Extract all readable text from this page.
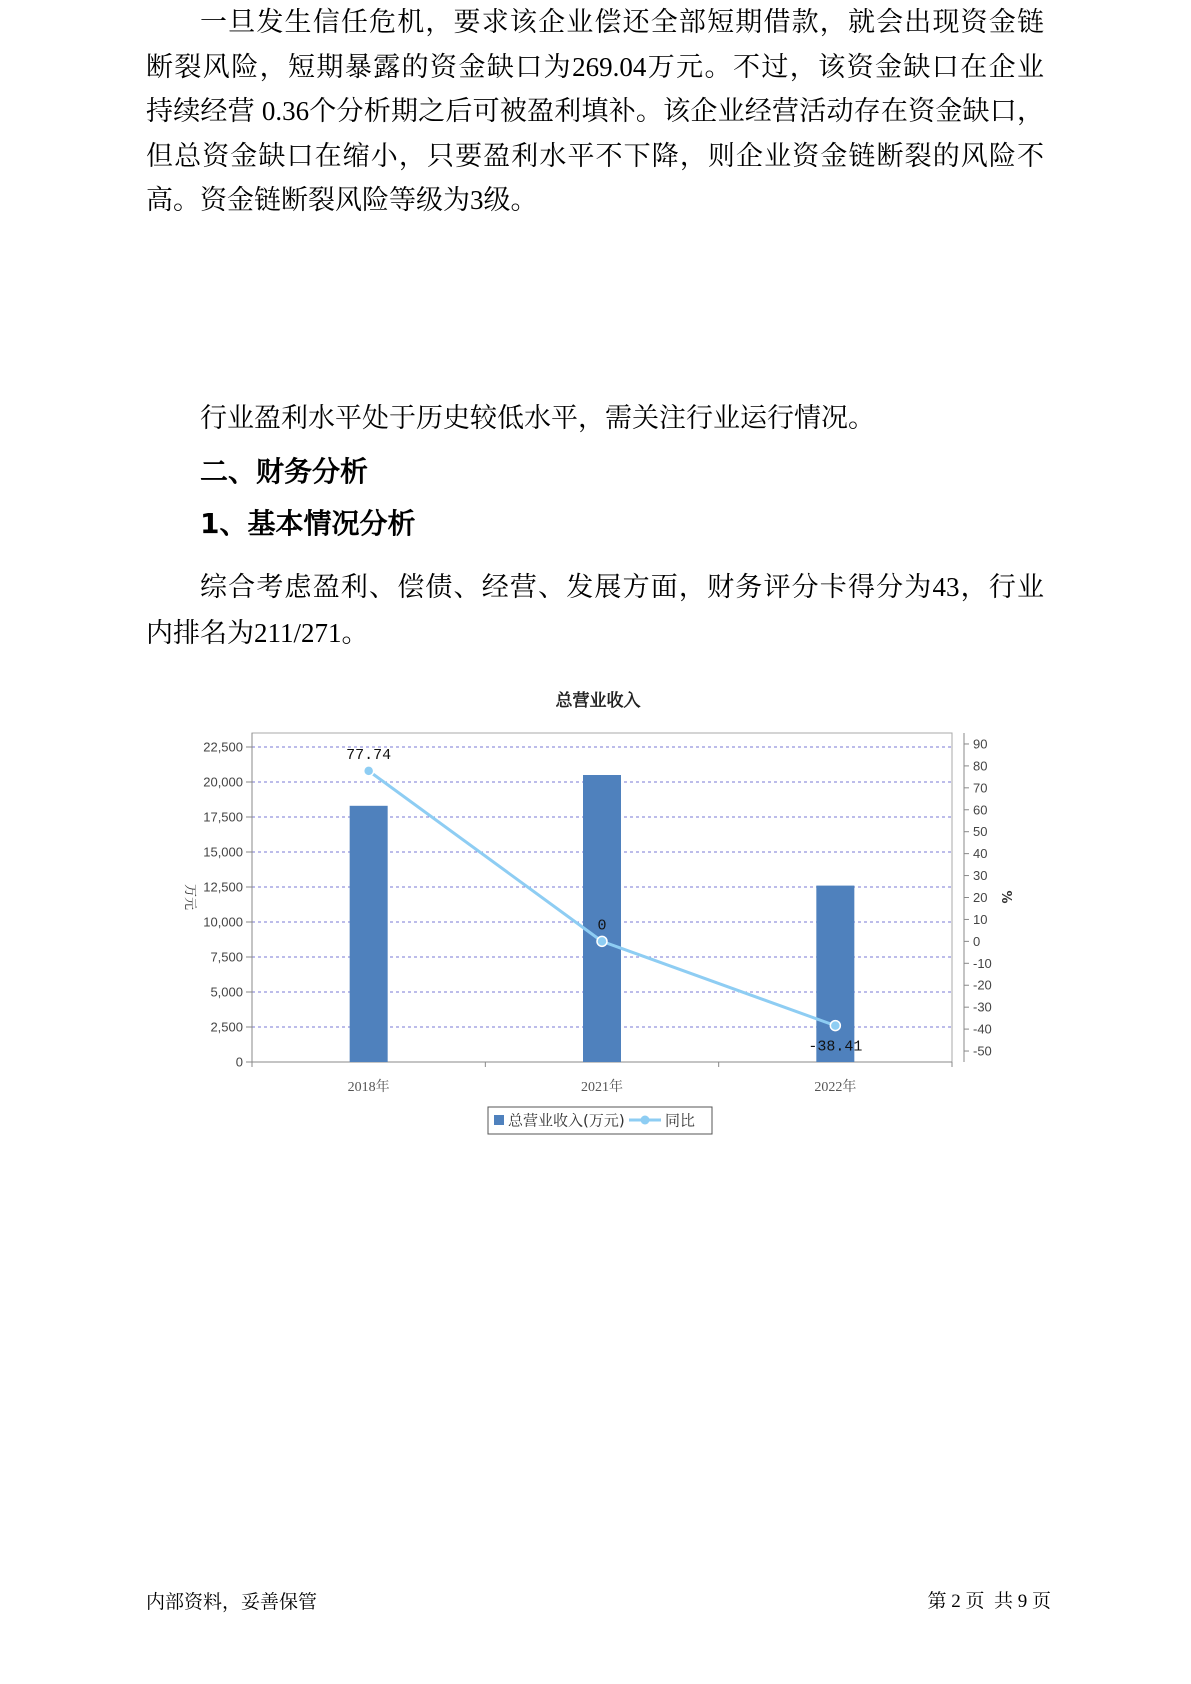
一旦发生信任危机，要求该企业偿还全部短期借款，就会出现资金链
断裂风险，短期暴露的资金缺口为269.04万元。不过，该资金缺口在企业
持续经营 0.36个分析期之后可被盈利填补。该企业经营活动存在资金缺口，
但总资金缺口在缩小，只要盈利水平不下降，则企业资金链断裂的风险不
高。资金链断裂风险等级为3级。
行业盈利水平处于历史较低水平，需关注行业运行情况。
二、财务分析
1、基本情况分析
综合考虑盈利、偿债、经营、发展方面，财务评分卡得分为43，行业
内排名为211/271。
总营业收入
0
2,500
5,000
7,500
10,000
12,500
15,000
17,500
20,000
22,500	90
80
70
60
50
40
30
20
10
0
-10
-20
-30
-40
-50
77.74
0
-38.41
2018年	2021年	2022年
万元	%
总营业收入(万元)	同比
内部资料，妥善保管	第 2 页  共 9 页
